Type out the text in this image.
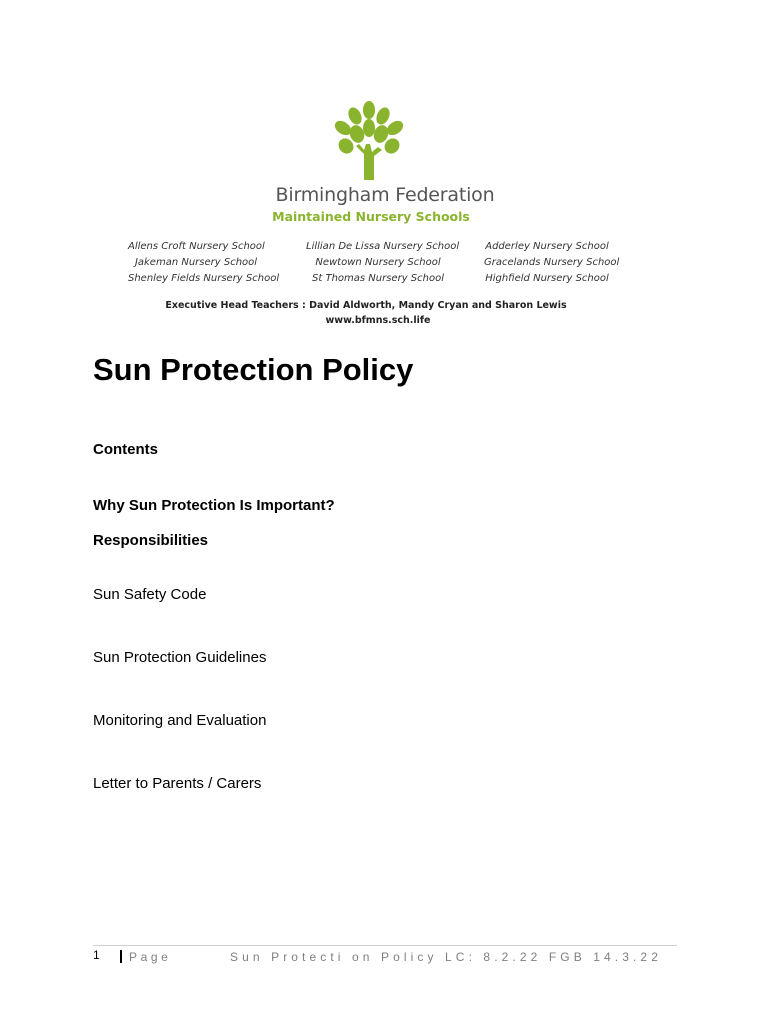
Birmingham Federation
Maintained Nursery Schools
Allens Croft Nursery School
Jakeman Nursery School
Shenley Fields Nursery School
Lillian De Lissa Nursery School
Newtown Nursery School
St Thomas Nursery School
Adderley Nursery School
Gracelands Nursery School
Highfield Nursery School
Executive Head Teachers : David Aldworth, Mandy Cryan and Sharon Lewis
www.bfmns.sch.life
Sun Protection Policy
Contents
Why Sun Protection Is Important?
Responsibilities
Sun Safety Code
Sun Protection Guidelines
Monitoring and Evaluation
Letter to Parents / Carers
1 Page	Sun Protecti on Policy LC: 8.2.22 FGB 14.3.22
